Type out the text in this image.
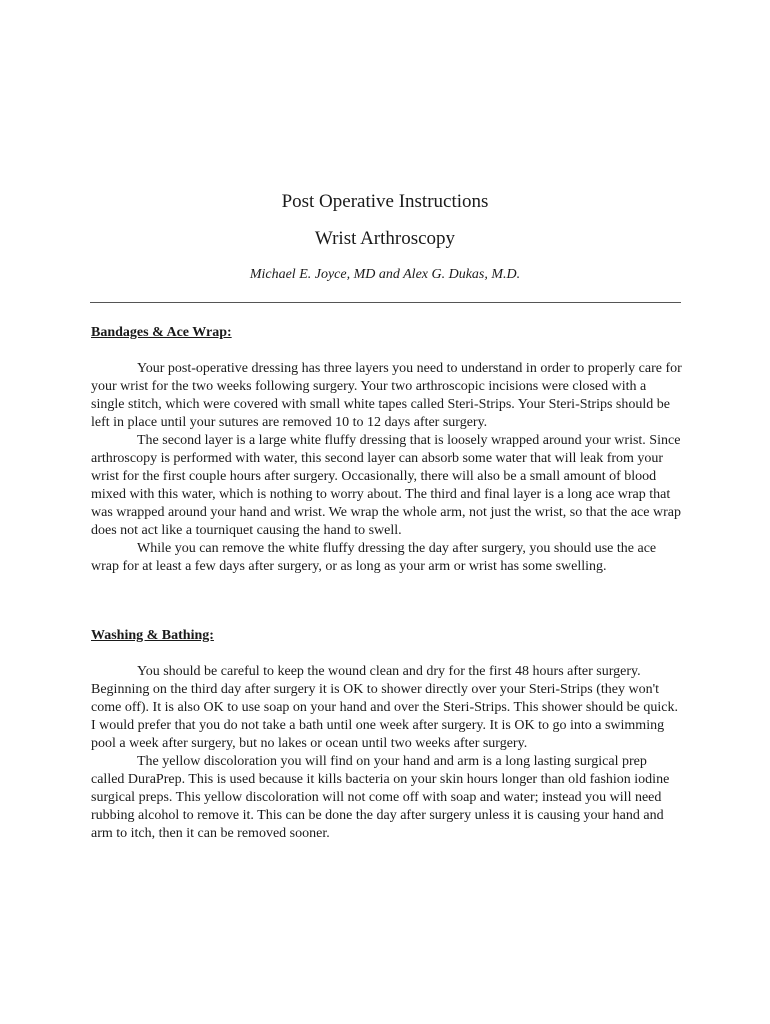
Post Operative Instructions
Wrist Arthroscopy
Michael E. Joyce, MD and Alex G. Dukas, M.D.
Bandages & Ace Wrap:

Your post-operative dressing has three layers you need to understand in order to properly care for your wrist for the two weeks following surgery. Your two arthroscopic incisions were closed with a single stitch, which were covered with small white tapes called Steri-Strips. Your Steri-Strips should be left in place until your sutures are removed 10 to 12 days after surgery.

The second layer is a large white fluffy dressing that is loosely wrapped around your wrist. Since arthroscopy is performed with water, this second layer can absorb some water that will leak from your wrist for the first couple hours after surgery. Occasionally, there will also be a small amount of blood mixed with this water, which is nothing to worry about. The third and final layer is a long ace wrap that was wrapped around your hand and wrist. We wrap the whole arm, not just the wrist, so that the ace wrap does not act like a tourniquet causing the hand to swell.

While you can remove the white fluffy dressing the day after surgery, you should use the ace wrap for at least a few days after surgery, or as long as your arm or wrist has some swelling.

Washing & Bathing:

You should be careful to keep the wound clean and dry for the first 48 hours after surgery. Beginning on the third day after surgery it is OK to shower directly over your Steri-Strips (they won't come off). It is also OK to use soap on your hand and over the Steri-Strips. This shower should be quick. I would prefer that you do not take a bath until one week after surgery. It is OK to go into a swimming pool a week after surgery, but no lakes or ocean until two weeks after surgery.

The yellow discoloration you will find on your hand and arm is a long lasting surgical prep called DuraPrep. This is used because it kills bacteria on your skin hours longer than old fashion iodine surgical preps. This yellow discoloration will not come off with soap and water; instead you will need rubbing alcohol to remove it. This can be done the day after surgery unless it is causing your hand and arm to itch, then it can be removed sooner.
